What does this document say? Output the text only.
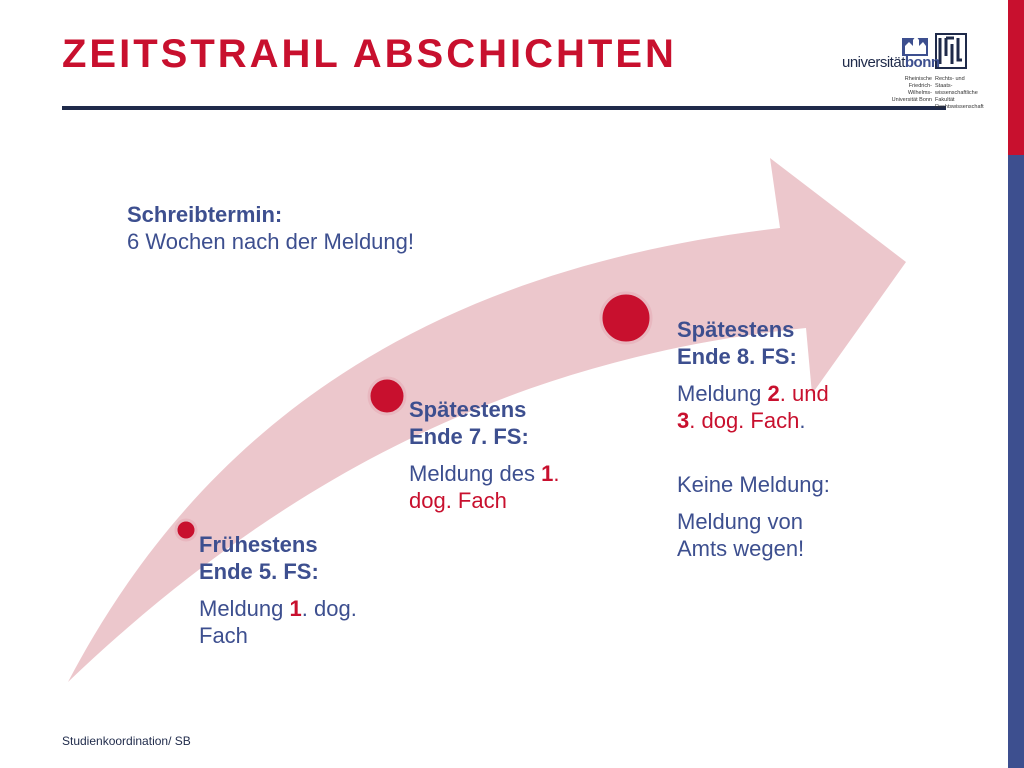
ZEITSTRAHL ABSCHICHTEN	universitätbonn
Rheinische
Friedrich-Wilhelms-
Universität Bonn
Rechts- und Staats-
wissenschaftliche Fakultät
Rechtswissenschaft
Schreibtermin:
6 Wochen nach der Meldung!
Frühestens
Ende 5. FS:
Meldung 1. dog.
Fach
Spätestens
Ende 7. FS:
Meldung des 1.
dog. Fach
Spätestens
Ende 8. FS:
Meldung 2. und
3. dog. Fach.
Keine Meldung:
Meldung von
Amts wegen!
Studienkoordination/ SB
